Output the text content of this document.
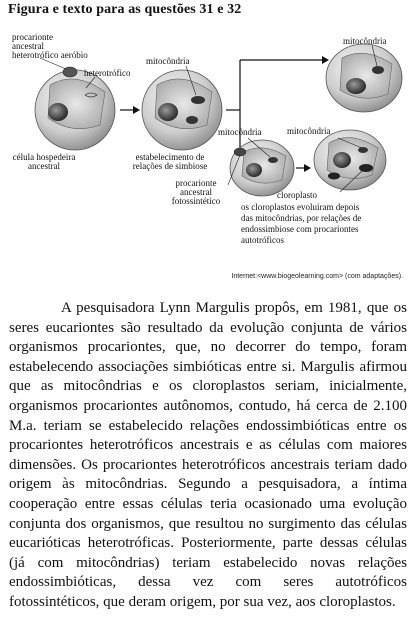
Figura e texto para as questões 31 e 32
procarionte
ancestral
heterotrófico aeróbio
heterotrófico
mitocôndria
mitocôndria
célula hospedeira
ancestral
estabelecimento de
relações de simbiose
mitocôndria	mitocôndria
procarionte
ancestral
fotossintético
cloroplasto
os cloroplastos evoluíram depois
das mitocôndrias, por relações de
endossimbiose com procariontes
autotróficos
Internet:<www.biogeolearning.com> (com adaptações).

A pesquisadora Lynn Margulis propôs, em 1981, que os seres eucariontes são resultado da evolução conjunta de vários organismos procariontes, que, no decorrer do tempo, foram estabelecendo associações simbióticas entre si. Margulis afirmou que as mitocôndrias e os cloroplastos seriam, inicialmente, organismos procariontes autônomos, contudo, há cerca de 2.100 M.a. teriam se estabelecido relações endossimbióticas entre os procariontes heterotróficos ancestrais e as células com maiores dimensões. Os procariontes heterotróficos ancestrais teriam dado origem às mitocôndrias. Segundo a pesquisadora, a íntima cooperação entre essas células teria ocasionado uma evolução conjunta dos organismos, que resultou no surgimento das células eucarióticas heterotróficas. Posteriormente, parte dessas células (já com mitocôndrias) teriam estabelecido novas relações endossimbióticas, dessa vez com seres autotróficos fotossintéticos, que deram origem, por sua vez, aos cloroplastos.
